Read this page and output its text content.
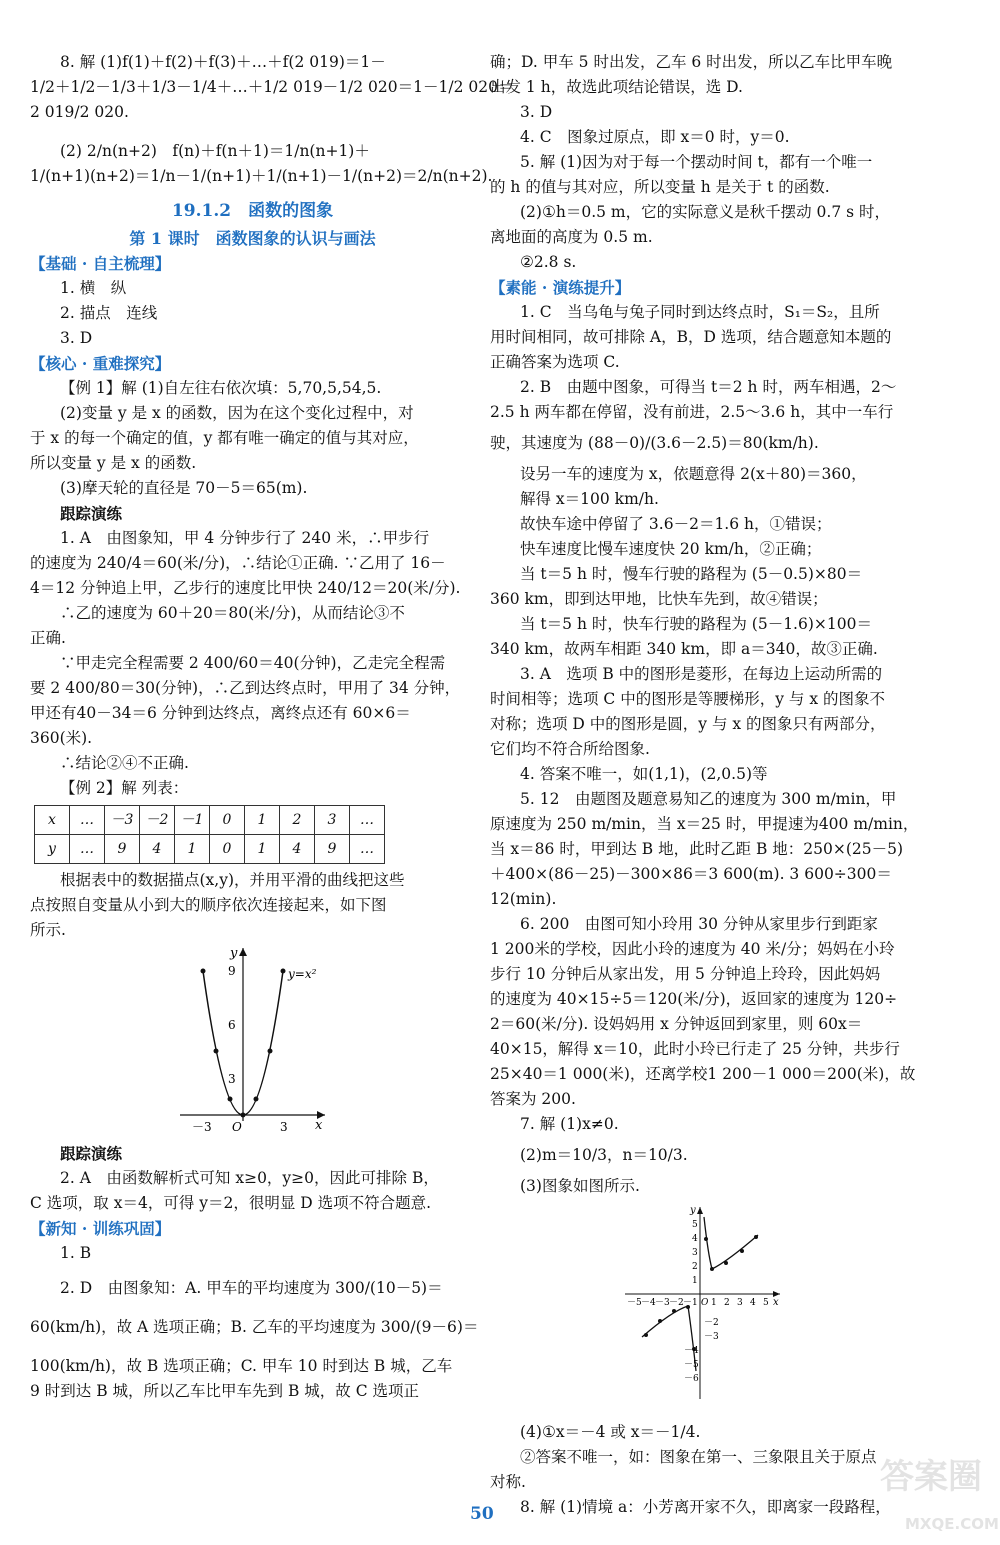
8. 解 (1)f(1)＋f(2)＋f(3)＋…＋f(2 019)＝1－
1/2＋1/2－1/3＋1/3－1/4＋…＋1/2 019－1/2 020＝1－1/2 020＝
2 019/2 020.
(2) 2/n(n+2)　f(n)＋f(n＋1)＝1/n(n+1)＋
1/(n+1)(n+2)＝1/n－1/(n+1)＋1/(n+1)－1/(n+2)＝2/n(n+2).
19.1.2　函数的图象
第 1 课时　函数图象的认识与画法
【基础 · 自主梳理】
1. 横　纵
2. 描点　连线
3. D
【核心 · 重难探究】
【例 1】解 (1)自左往右依次填：5,70,5,54,5.
(2)变量 y 是 x 的函数，因为在这个变化过程中，对
于 x 的每一个确定的值，y 都有唯一确定的值与其对应，
所以变量 y 是 x 的函数.
(3)摩天轮的直径是 70－5＝65(m).
跟踪演练
1. A　由图象知，甲 4 分钟步行了 240 米，∴甲步行
的速度为 240/4＝60(米/分)，∴结论①正确. ∵乙用了 16－
4＝12 分钟追上甲，乙步行的速度比甲快 240/12＝20(米/分).
∴乙的速度为 60＋20＝80(米/分)，从而结论③不
正确.
∵甲走完全程需要 2 400/60＝40(分钟)，乙走完全程需
要 2 400/80＝30(分钟)，∴乙到达终点时，甲用了 34 分钟，
甲还有40－34＝6 分钟到达终点，离终点还有 60×6＝
360(米).
∴结论②④不正确.
【例 2】解 列表：
x	…	－3	－2	－1	0	1	2	3	…
y	…	9	4	1	0	1	4	9	…
根据表中的数据描点(x,y)，并用平滑的曲线把这些
点按照自变量从小到大的顺序依次连接起来，如下图
所示.
y
y=x²
9
6
3
－3	3
O	x
跟踪演练
2. A　由函数解析式可知 x≥0，y≥0，因此可排除 B，
C 选项，取 x＝4，可得 y＝2，很明显 D 选项不符合题意.
【新知 · 训练巩固】
1. B
2. D　由图象知：A. 甲车的平均速度为 300/(10－5)＝
60(km/h)，故 A 选项正确；B. 乙车的平均速度为 300/(9－6)＝
100(km/h)，故 B 选项正确；C. 甲车 10 时到达 B 城，乙车
9 时到达 B 城，所以乙车比甲车先到 B 城，故 C 选项正
确；D. 甲车 5 时出发，乙车 6 时出发，所以乙车比甲车晚
出发 1 h，故选此项结论错误，选 D.
3. D
4. C　图象过原点，即 x＝0 时，y＝0.
5. 解 (1)因为对于每一个摆动时间 t，都有一个唯一
的 h 的值与其对应，所以变量 h 是关于 t 的函数.
(2)①h＝0.5 m，它的实际意义是秋千摆动 0.7 s 时，
离地面的高度为 0.5 m.
②2.8 s.
【素能 · 演练提升】
1. C　当乌龟与兔子同时到达终点时，S₁＝S₂，且所
用时间相同，故可排除 A，B，D 选项，结合题意知本题的
正确答案为选项 C.
2. B　由题中图象，可得当 t＝2 h 时，两车相遇，2～
2.5 h 两车都在停留，没有前进，2.5～3.6 h，其中一车行
驶，其速度为 (88－0)/(3.6－2.5)＝80(km/h).
设另一车的速度为 x，依题意得 2(x＋80)＝360，
解得 x＝100 km/h.
故快车途中停留了 3.6－2＝1.6 h，①错误；
快车速度比慢车速度快 20 km/h，②正确；
当 t＝5 h 时，慢车行驶的路程为 (5－0.5)×80＝
360 km，即到达甲地，比快车先到，故④错误；
当 t＝5 h 时，快车行驶的路程为 (5－1.6)×100＝
340 km，故两车相距 340 km，即 a＝340，故③正确.
3. A　选项 B 中的图形是菱形，在每边上运动所需的
时间相等；选项 C 中的图形是等腰梯形，y 与 x 的图象不
对称；选项 D 中的图形是圆，y 与 x 的图象只有两部分，
它们均不符合所给图象.
4. 答案不唯一，如(1,1)，(2,0.5)等
5. 12　由题图及题意易知乙的速度为 300 m/min，甲
原速度为 250 m/min，当 x＝25 时，甲提速为400 m/min，
当 x＝86 时，甲到达 B 地，此时乙距 B 地：250×(25－5)
＋400×(86－25)－300×86＝3 600(m). 3 600÷300＝
12(min).
6. 200　由图可知小玲用 30 分钟从家里步行到距家
1 200米的学校，因此小玲的速度为 40 米/分；妈妈在小玲
步行 10 分钟后从家出发，用 5 分钟追上玲玲，因此妈妈
的速度为 40×15÷5＝120(米/分)，返回家的速度为 120÷
2＝60(米/分). 设妈妈用 x 分钟返回到家里，则 60x＝
40×15，解得 x＝10，此时小玲已行走了 25 分钟，共步行
25×40＝1 000(米)，还离学校1 200－1 000＝200(米)，故
答案为 200.
7. 解 (1)x≠0.
(2)m＝10/3，n＝10/3.
(3)图象如图所示.
y
x
－5 －4 －3 －2 －1 O 1 2 3 4 5
5
4
3
2
1
－2
－3
－4
－5
－6
(4)①x＝－4 或 x＝－1/4.
②答案不唯一，如：图象在第一、三象限且关于原点
对称.
8. 解 (1)情境 a：小芳离开家不久，即离家一段路程，
50
答案圈
MXQE.COM
